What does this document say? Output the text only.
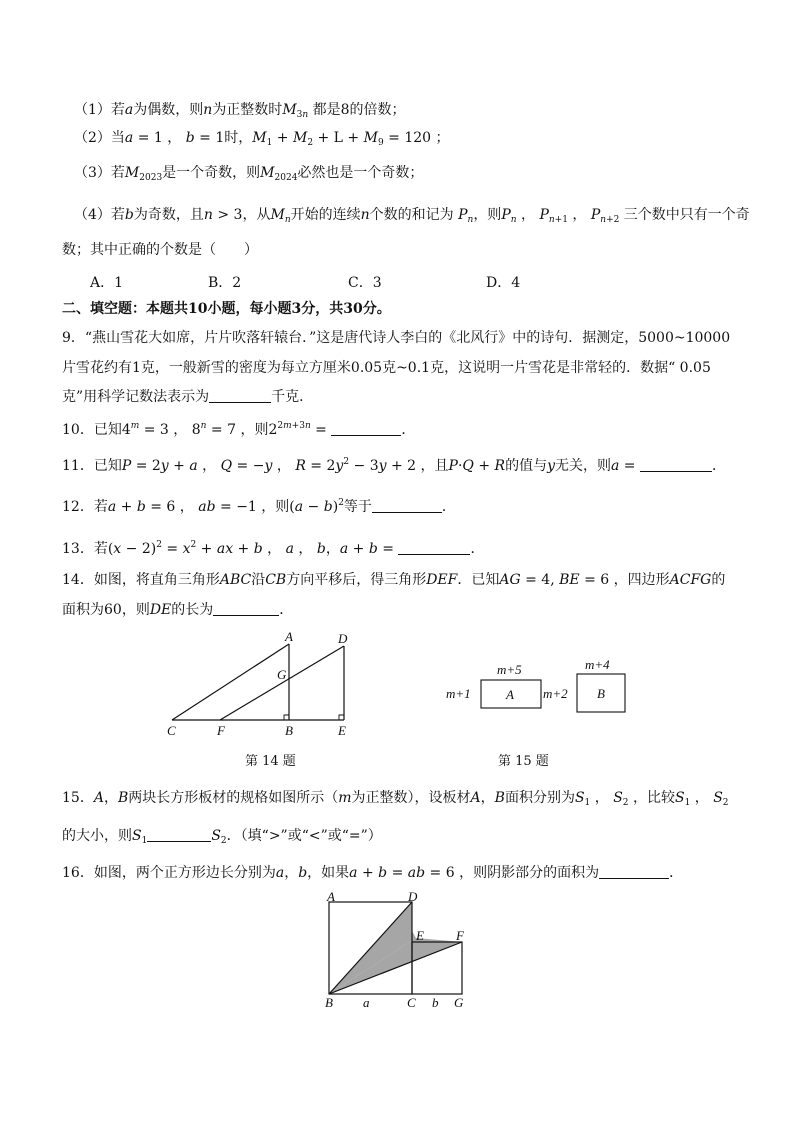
（1）若a为偶数，则n为正整数时$M_{3n}$ 都是8的倍数；
（2）当a = 1 ， b = 1时，$M_1 + M_2 + L + M_9 = 120$ ；
（3）若$M_{2023}$是一个奇数，则$M_{2024}$必然也是一个奇数；
（4）若b为奇数，且n > 3，从$M_n$开始的连续n个数的和记为 $P_n$，则$P_n$ ， $P_{n+1}$ ， $P_{n+2}$ 三个数中只有一个奇
数；其中正确的个数是（　　）
A．1	B．2	C．3	D．4
二、填空题：本题共10小题，每小题3分，共30分。
9．“燕山雪花大如席，片片吹落轩辕台．”这是唐代诗人李白的《北风行》中的诗句．据测定，5000~10000
片雪花约有1克，一般新雪的密度为每立方厘米0.05克~0.1克，这说明一片雪花是非常轻的．数据“ 0.05
克”用科学记数法表示为	千克．
10．已知$4^m = 3$ ， $8^n = 7$ ，则$2^{2m+3n}$ =	．
11．已知P = 2y + a ， Q = −y ， $R = 2y^2 - 3y + 2$ ，且P·Q + R的值与y无关，则a =	．
12．若a + b = 6 ， ab = −1 ，则$(a - b)^2$等于	．
13．若$(x - 2)^2 = x^2$ + ax + b ， a ， b，a + b =	．
14．如图，将直角三角形ABC沿CB方向平移后，得三角形DEF．已知AG = 4, BE = 6 ，四边形ACFG的
面积为60，则DE的长为	．
A	D
G
C	F	B	E
第 14 题
m+5
m+1	A
m+4
m+2 B
第 15 题
15．A，B两块长方形板材的规格如图所示（m为正整数），设板材A，B面积分别为$S_1$ ， $S_2$ ，比较$S_1$ ， $S_2$
的大小，则$S_1$	$S_2$．（填“>”或“<”或“=”）
16．如图，两个正方形边长分别为a，b，如果a + b = ab = 6 ，则阴影部分的面积为	．
A	D
E F
B	C	G
a	b
